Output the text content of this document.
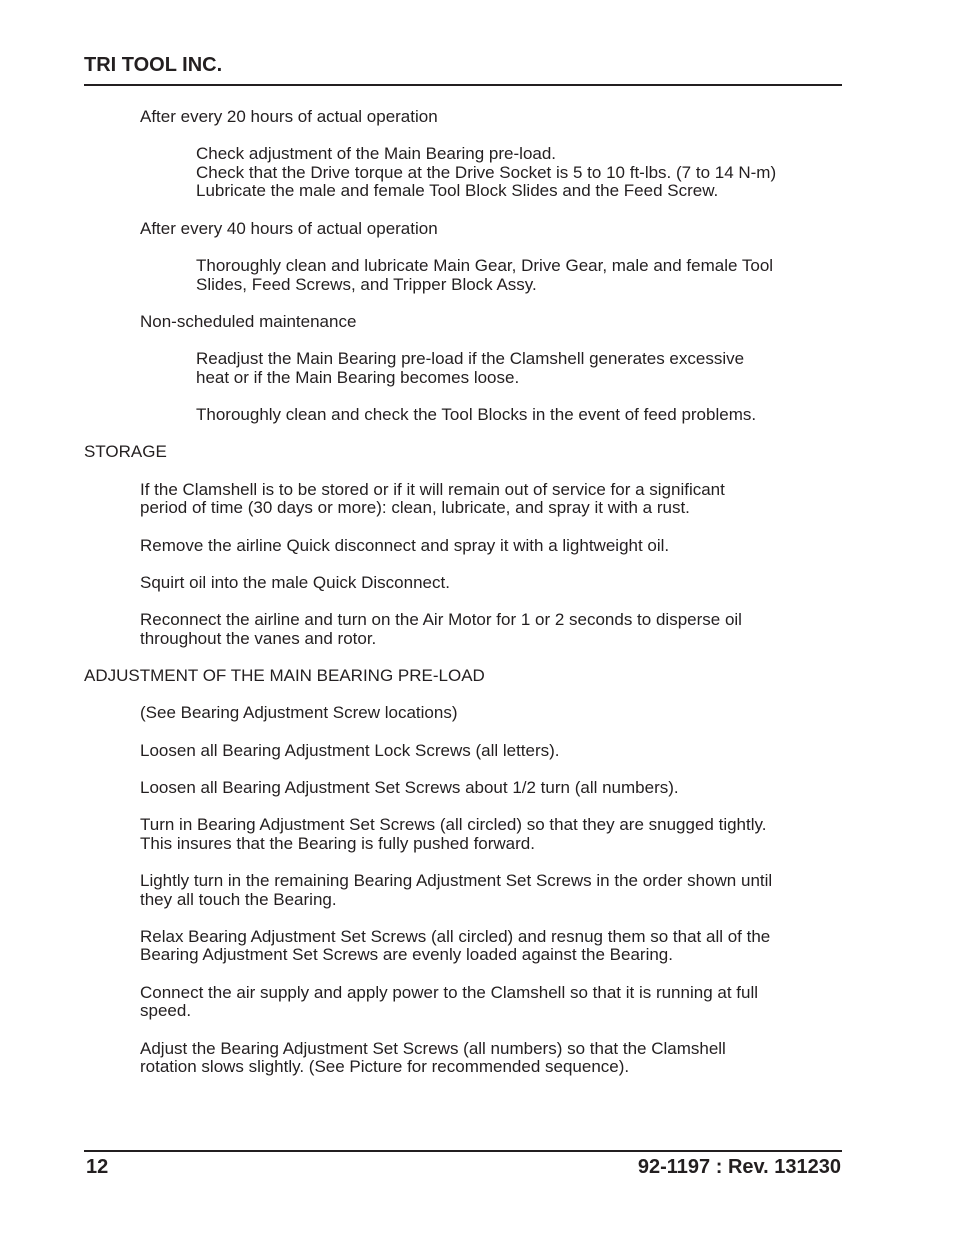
TRI TOOL INC.

After every 20 hours of actual operation

Check adjustment of the Main Bearing pre-load.
Check that the Drive torque at the Drive Socket is 5 to 10 ft-lbs. (7 to 14 N-m)
Lubricate the male and female Tool Block Slides and the Feed Screw.

After every 40 hours of actual operation

Thoroughly clean and lubricate Main Gear, Drive Gear, male and female Tool
Slides, Feed Screws, and Tripper Block Assy.

Non-scheduled maintenance

Readjust the Main Bearing pre-load if the Clamshell generates excessive
heat or if the Main Bearing becomes loose.

Thoroughly clean and check the Tool Blocks in the event of feed problems.

STORAGE

If the Clamshell is to be stored or if it will remain out of service for a significant
period of time (30 days or more): clean, lubricate, and spray it with a rust.

Remove the airline Quick disconnect and spray it with a lightweight oil.

Squirt oil into the male Quick Disconnect.

Reconnect the airline and turn on the Air Motor for 1 or 2 seconds to disperse oil
throughout the vanes and rotor.

ADJUSTMENT OF THE MAIN BEARING PRE-LOAD

(See Bearing Adjustment Screw locations)

Loosen all Bearing Adjustment Lock Screws (all letters).

Loosen all Bearing Adjustment Set Screws about 1/2 turn (all numbers).

Turn in Bearing Adjustment Set Screws (all circled) so that they are snugged tightly.
This insures that the Bearing is fully pushed forward.
Lightly turn in the remaining Bearing Adjustment Set Screws in the order shown until
they all touch the Bearing.
Relax Bearing Adjustment Set Screws (all circled) and resnug them so that all of the
Bearing Adjustment Set Screws are evenly loaded against the Bearing.
Connect the air supply and apply power to the Clamshell so that it is running at full
speed.
Adjust the Bearing Adjustment Set Screws (all numbers) so that the Clamshell
rotation slows slightly. (See Picture for recommended sequence).
12	92-1197 : Rev. 131230
